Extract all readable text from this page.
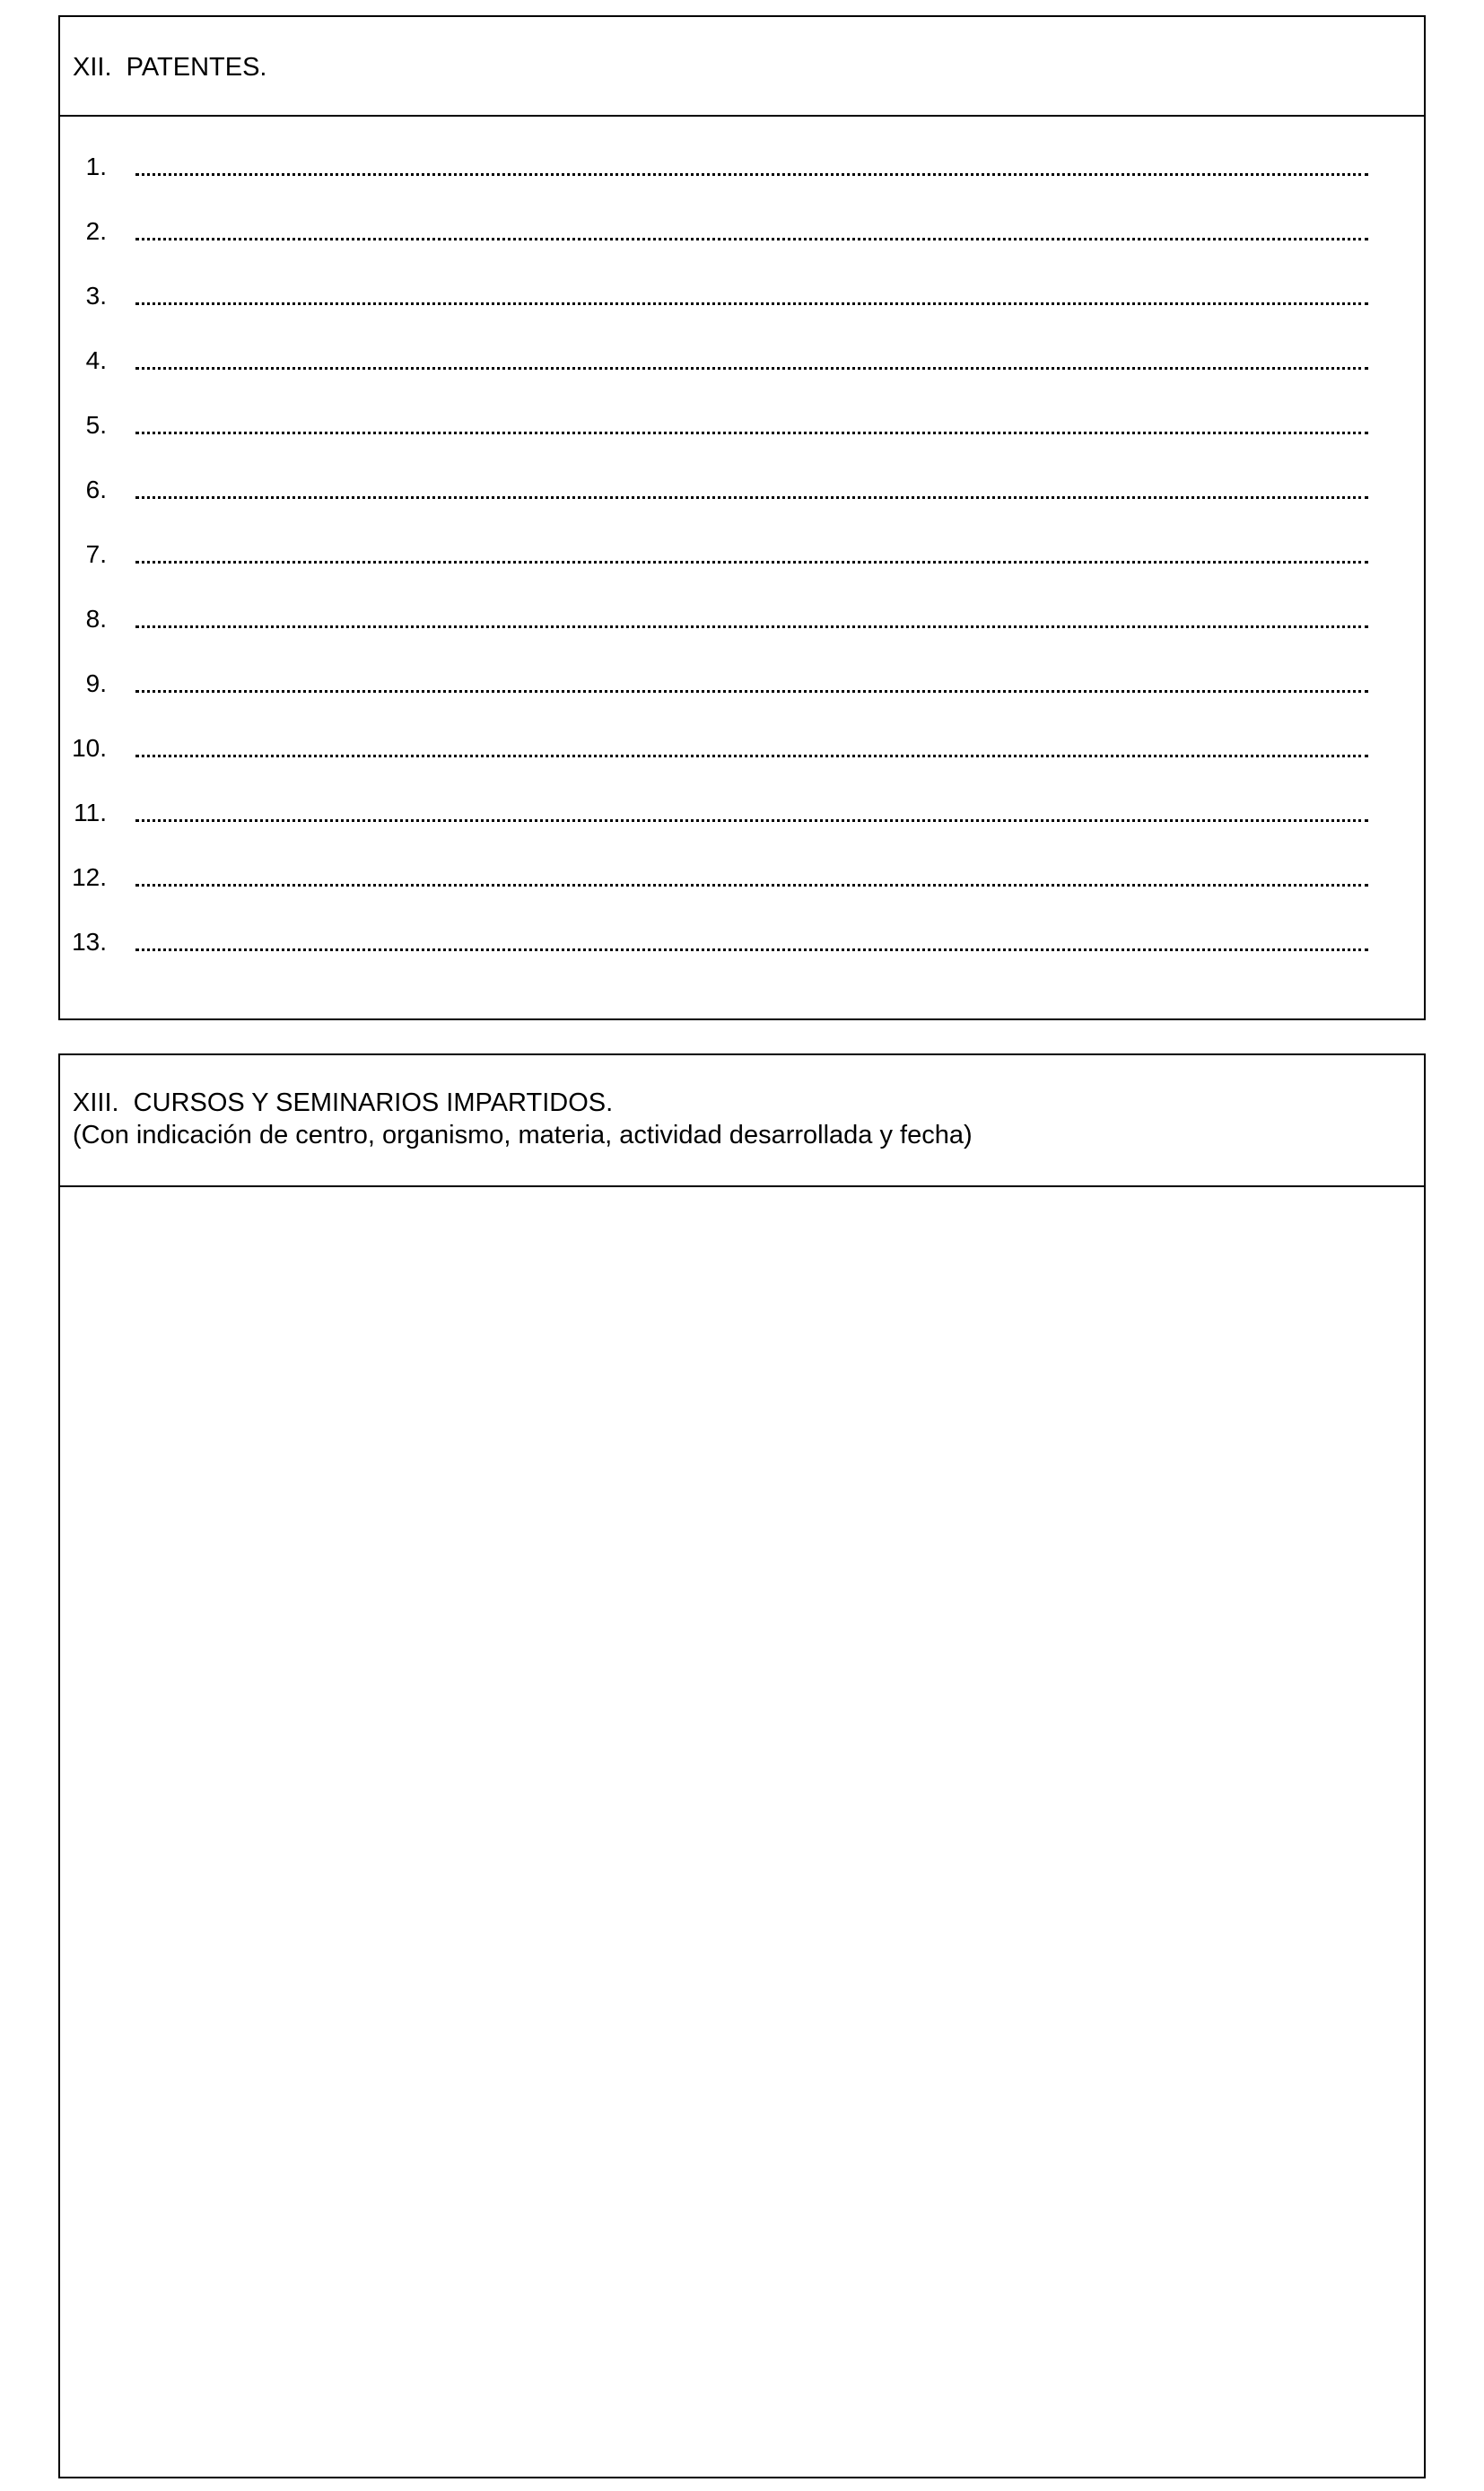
XII.  PATENTES.
1.
2.
3.
4.
5.
6.
7.
8.
9.
10.
11.
12.
13.
XIII.  CURSOS Y SEMINARIOS IMPARTIDOS.
(Con indicación de centro, organismo, materia, actividad desarrollada y fecha)
